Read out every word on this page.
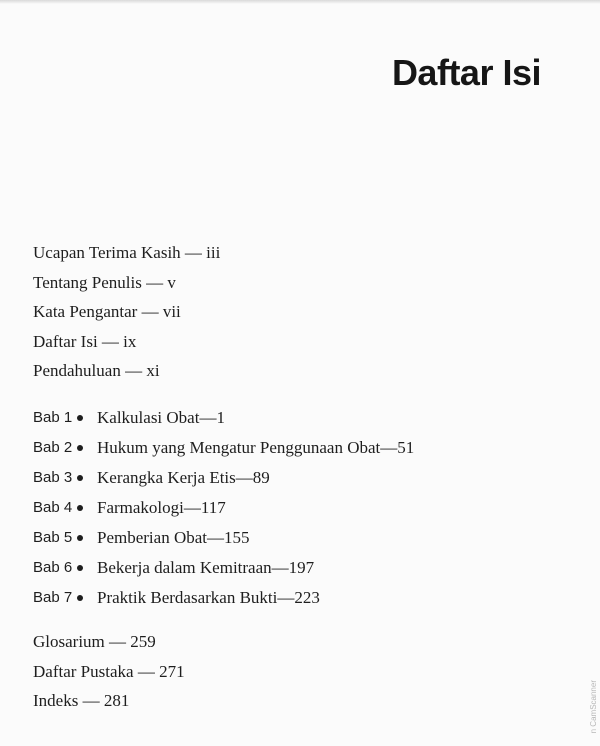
Daftar Isi
Ucapan Terima Kasih — iii
Tentang Penulis — v
Kata Pengantar — vii
Daftar Isi — ix
Pendahuluan — xi
Bab 1 Kalkulasi Obat — 1
Bab 2 Hukum yang Mengatur Penggunaan Obat — 51
Bab 3 Kerangka Kerja Etis — 89
Bab 4 Farmakologi — 117
Bab 5 Pemberian Obat — 155
Bab 6 Bekerja dalam Kemitraan — 197
Bab 7 Praktik Berdasarkan Bukti — 223
Glosarium — 259
Daftar Pustaka — 271
Indeks — 281	n CamScanner
